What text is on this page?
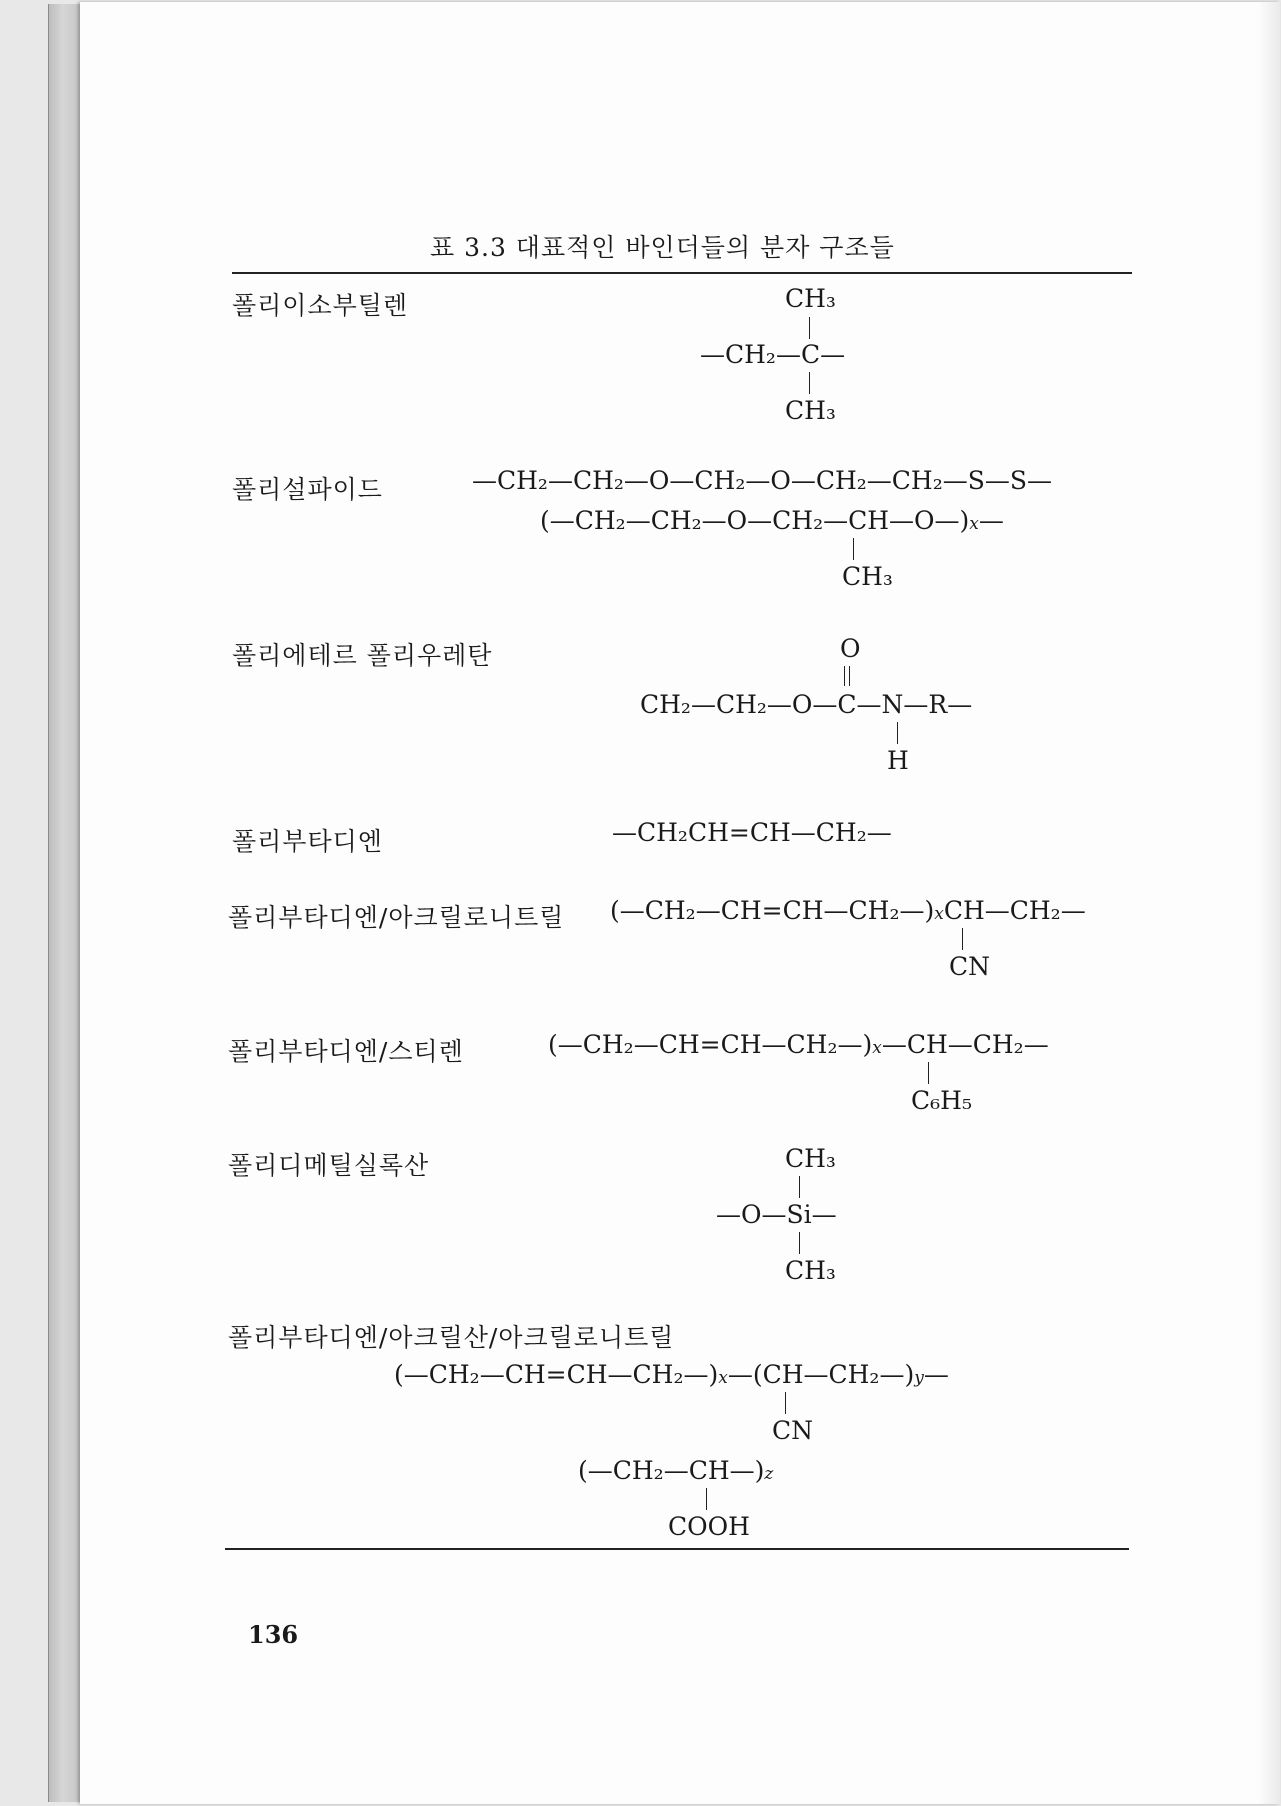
표 3.3 대표적인 바인더들의 분자 구조들
폴리이소부틸렌	CH₃
—CH₂—C—
CH₃
폴리설파이드	—CH₂—CH₂—O—CH₂—O—CH₂—CH₂—S—S—
(—CH₂—CH₂—O—CH₂—CH—O—)x—
CH₃
폴리에테르 폴리우레탄	O
CH₂—CH₂—O—C—N—R—
H
폴리부타디엔	—CH₂CH=CH—CH₂—
폴리부타디엔/아크릴로니트릴 (—CH₂—CH=CH—CH₂—)xCH—CH₂—
CN
폴리부타디엔/스티렌	(—CH₂—CH=CH—CH₂—)x—CH—CH₂—
C₆H₅
폴리디메틸실록산	CH₃
—O—Si—
CH₃
폴리부타디엔/아크릴산/아크릴로니트릴
(—CH₂—CH=CH—CH₂—)x—(CH—CH₂—)y—
CN
(—CH₂—CH—)z
COOH
136
